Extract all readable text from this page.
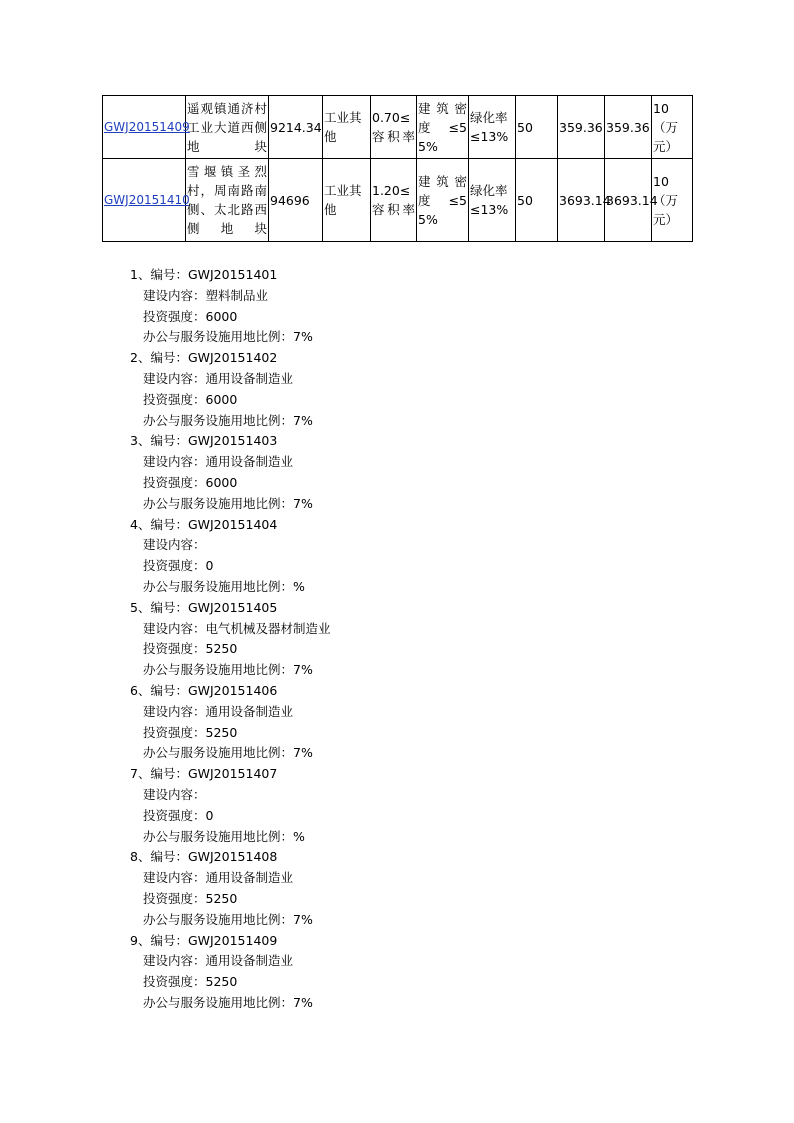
GWJ20151409	遥观镇通济村工业大道西侧地块	9214.34	工业其他	0.70≤容积率	建筑密度≤55%	绿化率≤13%	50	359.36	359.36	10（万元）
GWJ20151410	雪堰镇圣烈村，周南路南侧、太北路西侧地块	94696	工业其他	1.20≤容积率	建筑密度≤55%	绿化率≤13%	50	3693.14	3693.14	10（万元）
1、编号：GWJ20151401
建设内容：塑料制品业
投资强度：6000
办公与服务设施用地比例：7%
2、编号：GWJ20151402
建设内容：通用设备制造业
投资强度：6000
办公与服务设施用地比例：7%
3、编号：GWJ20151403
建设内容：通用设备制造业
投资强度：6000
办公与服务设施用地比例：7%
4、编号：GWJ20151404
建设内容：
投资强度：0
办公与服务设施用地比例：%
5、编号：GWJ20151405
建设内容：电气机械及器材制造业
投资强度：5250
办公与服务设施用地比例：7%
6、编号：GWJ20151406
建设内容：通用设备制造业
投资强度：5250
办公与服务设施用地比例：7%
7、编号：GWJ20151407
建设内容：
投资强度：0
办公与服务设施用地比例：%
8、编号：GWJ20151408
建设内容：通用设备制造业
投资强度：5250
办公与服务设施用地比例：7%
9、编号：GWJ20151409
建设内容：通用设备制造业
投资强度：5250
办公与服务设施用地比例：7%
